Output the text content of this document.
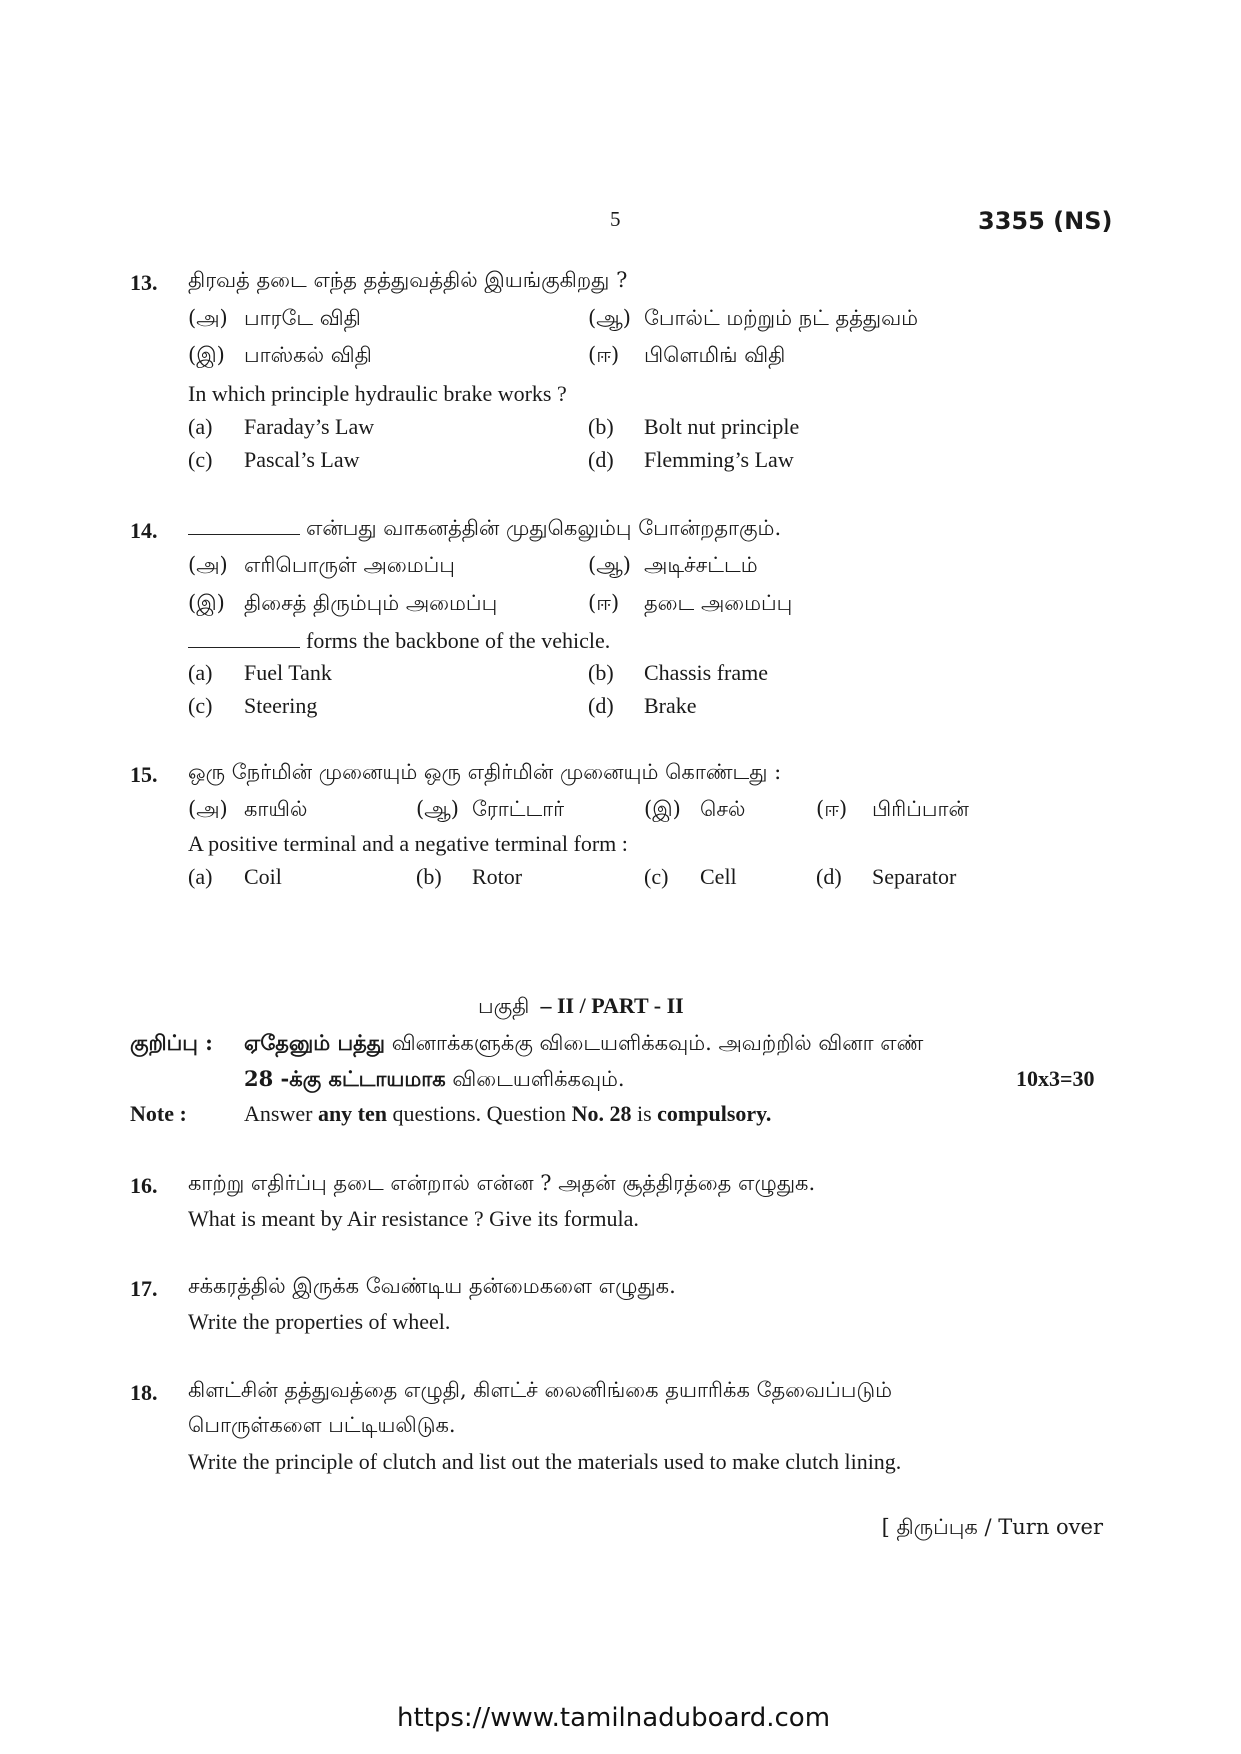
5	3355 (NS)
13. திரவத் தடை எந்த தத்துவத்தில் இயங்குகிறது ?
(அ) பாரடே விதி	(ஆ) போல்ட் மற்றும் நட் தத்துவம்
(இ) பாஸ்கல் விதி	(ஈ) பிளெமிங் விதி
In which principle hydraulic brake works ?
(a) Faraday’s Law	(b) Bolt nut principle
(c) Pascal’s Law	(d) Flemming’s Law
14.	என்பது வாகனத்தின் முதுகெலும்பு போன்றதாகும்.
(அ) எரிபொருள் அமைப்பு	(ஆ) அடிச்சட்டம்
(இ) திசைத் திரும்பும் அமைப்பு	(ஈ) தடை அமைப்பு
forms the backbone of the vehicle.
(a) Fuel Tank	(b) Chassis frame
(c) Steering	(d) Brake
15. ஒரு நேர்மின் முனையும் ஒரு எதிர்மின் முனையும் கொண்டது :
(அ) காயில்	(ஆ) ரோட்டார்	(இ) செல்	(ஈ) பிரிப்பான்
A positive terminal and a negative terminal form :
(a) Coil	(b) Rotor	(c) Cell	(d) Separator
பகுதி – II / PART - II
குறிப்பு : ஏதேனும் பத்து வினாக்களுக்கு விடையளிக்கவும். அவற்றில் வினா எண்
28 -க்கு கட்டாயமாக விடையளிக்கவும்.	10x3=30
Note :	Answer any ten questions. Question No. 28 is compulsory.
16. காற்று எதிர்ப்பு தடை என்றால் என்ன ? அதன் சூத்திரத்தை எழுதுக.
What is meant by Air resistance ? Give its formula.
17. சக்கரத்தில் இருக்க வேண்டிய தன்மைகளை எழுதுக.
Write the properties of wheel.
18. கிளட்சின் தத்துவத்தை எழுதி, கிளட்ச் லைனிங்கை தயாரிக்க தேவைப்படும்
பொருள்களை பட்டியலிடுக.
Write the principle of clutch and list out the materials used to make clutch lining.
[ திருப்புக / Turn over
https://www.tamilnaduboard.com
